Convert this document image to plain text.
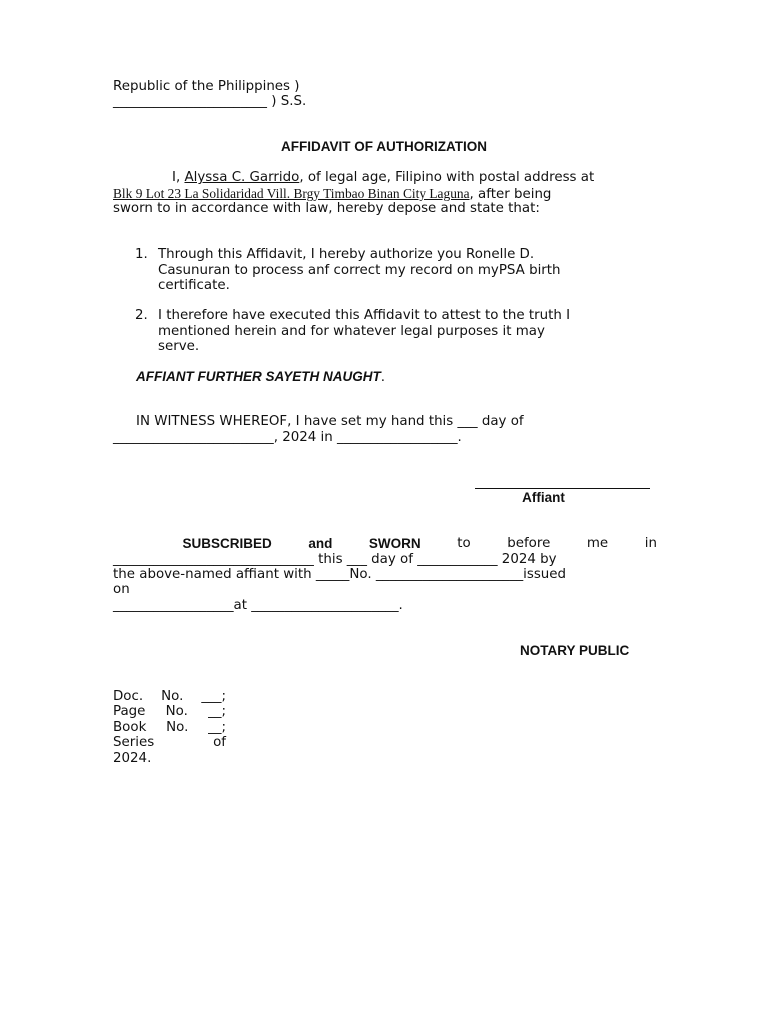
Republic of the Philippines )
_______________________ ) S.S.
AFFIDAVIT OF AUTHORIZATION
I, Alyssa C. Garrido, of legal age, Filipino with postal address at
Blk 9 Lot 23 La Solidaridad Vill. Brgy Timbao Binan City Laguna, after being
sworn to in accordance with law, hereby depose and state that:
1. Through this Affidavit, I hereby authorize you Ronelle D. Casunuran to process anf correct my record on myPSA birth certificate.
2. I therefore have executed this Affidavit to attest to the truth I mentioned herein and for whatever legal purposes it may serve.
AFFIANT FURTHER SAYETH NAUGHT.
IN WITNESS WHEREOF, I have set my hand this ___ day of
________________________, 2024 in __________________.
Affiant
SUBSCRIBED	and	SWORN	to	before	me	in
______________________________ this ___ day of ____________ 2024 by
the above-named affiant with _____No. ______________________issued
on
__________________at ______________________.
NOTARY PUBLIC
Doc. No. ___;
Page No. __;
Book No. __;
Series	of
2024.
